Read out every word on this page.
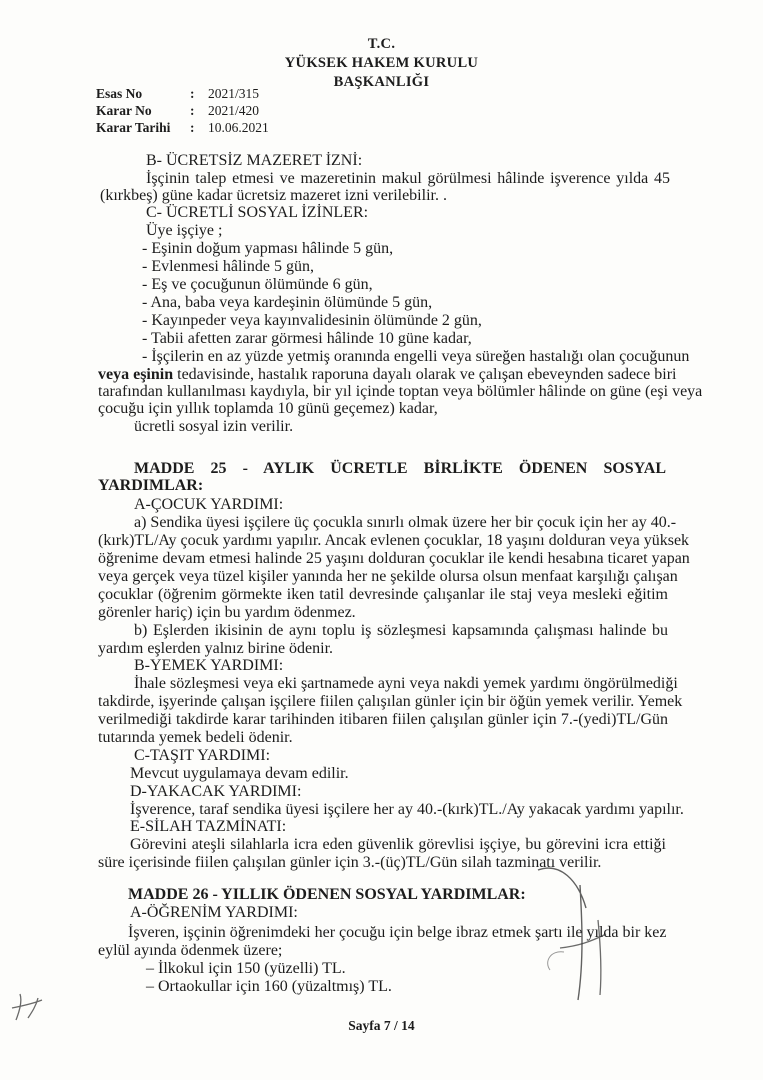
T.C.
YÜKSEK HAKEM KURULU
BAŞKANLIĞI
Esas No	: 2021/315
Karar No	: 2021/420
Karar Tarihi : 10.06.2021
B- ÜCRETSİZ MAZERET İZNİ:
İşçinin talep etmesi ve mazeretinin makul görülmesi hâlinde işverence yılda 45
(kırkbeş) güne kadar ücretsiz mazeret izni verilebilir. .
C- ÜCRETLİ SOSYAL İZİNLER:
Üye işçiye ;
- Eşinin doğum yapması hâlinde 5 gün,
- Evlenmesi hâlinde 5 gün,
- Eş ve çocuğunun ölümünde 6 gün,
- Ana, baba veya kardeşinin ölümünde 5 gün,
- Kayınpeder veya kayınvalidesinin ölümünde 2 gün,
- Tabii afetten zarar görmesi hâlinde 10 güne kadar,
- İşçilerin en az yüzde yetmiş oranında engelli veya süreğen hastalığı olan çocuğunun
veya eşinin tedavisinde, hastalık raporuna dayalı olarak ve çalışan ebeveynden sadece biri
tarafından kullanılması kaydıyla, bir yıl içinde toptan veya bölümler hâlinde on güne (eşi veya
çocuğu için yıllık toplamda 10 günü geçemez) kadar,
ücretli sosyal izin verilir.
MADDE 25 - AYLIK ÜCRETLE BİRLİKTE ÖDENEN SOSYAL
YARDIMLAR:
A-ÇOCUK YARDIMI:
a) Sendika üyesi işçilere üç çocukla sınırlı olmak üzere her bir çocuk için her ay 40.-
(kırk)TL/Ay çocuk yardımı yapılır. Ancak evlenen çocuklar, 18 yaşını dolduran veya yüksek
öğrenime devam etmesi halinde 25 yaşını dolduran çocuklar ile kendi hesabına ticaret yapan
veya gerçek veya tüzel kişiler yanında her ne şekilde olursa olsun menfaat karşılığı çalışan
çocuklar (öğrenim görmekte iken tatil devresinde çalışanlar ile staj veya mesleki eğitim
görenler hariç) için bu yardım ödenmez.
b) Eşlerden ikisinin de aynı toplu iş sözleşmesi kapsamında çalışması halinde bu
yardım eşlerden yalnız birine ödenir.
B-YEMEK YARDIMI:
İhale sözleşmesi veya eki şartnamede ayni veya nakdi yemek yardımı öngörülmediği
takdirde, işyerinde çalışan işçilere fiilen çalışılan günler için bir öğün yemek verilir. Yemek
verilmediği takdirde karar tarihinden itibaren fiilen çalışılan günler için 7.-(yedi)TL/Gün
tutarında yemek bedeli ödenir.
C-TAŞIT YARDIMI:
Mevcut uygulamaya devam edilir.
D-YAKACAK YARDIMI:
İşverence, taraf sendika üyesi işçilere her ay 40.-(kırk)TL./Ay yakacak yardımı yapılır.
E-SİLAH TAZMİNATI:
Görevini ateşli silahlarla icra eden güvenlik görevlisi işçiye, bu görevini icra ettiği
süre içerisinde fiilen çalışılan günler için 3.-(üç)TL/Gün silah tazminatı verilir.
MADDE 26 - YILLIK ÖDENEN SOSYAL YARDIMLAR:
A-ÖĞRENİM YARDIMI:
İşveren, işçinin öğrenimdeki her çocuğu için belge ibraz etmek şartı ile yılda bir kez
eylül ayında ödenmek üzere;
– İlkokul için 150 (yüzelli) TL.
– Ortaokullar için 160 (yüzaltmış) TL.
Sayfa 7 / 14
